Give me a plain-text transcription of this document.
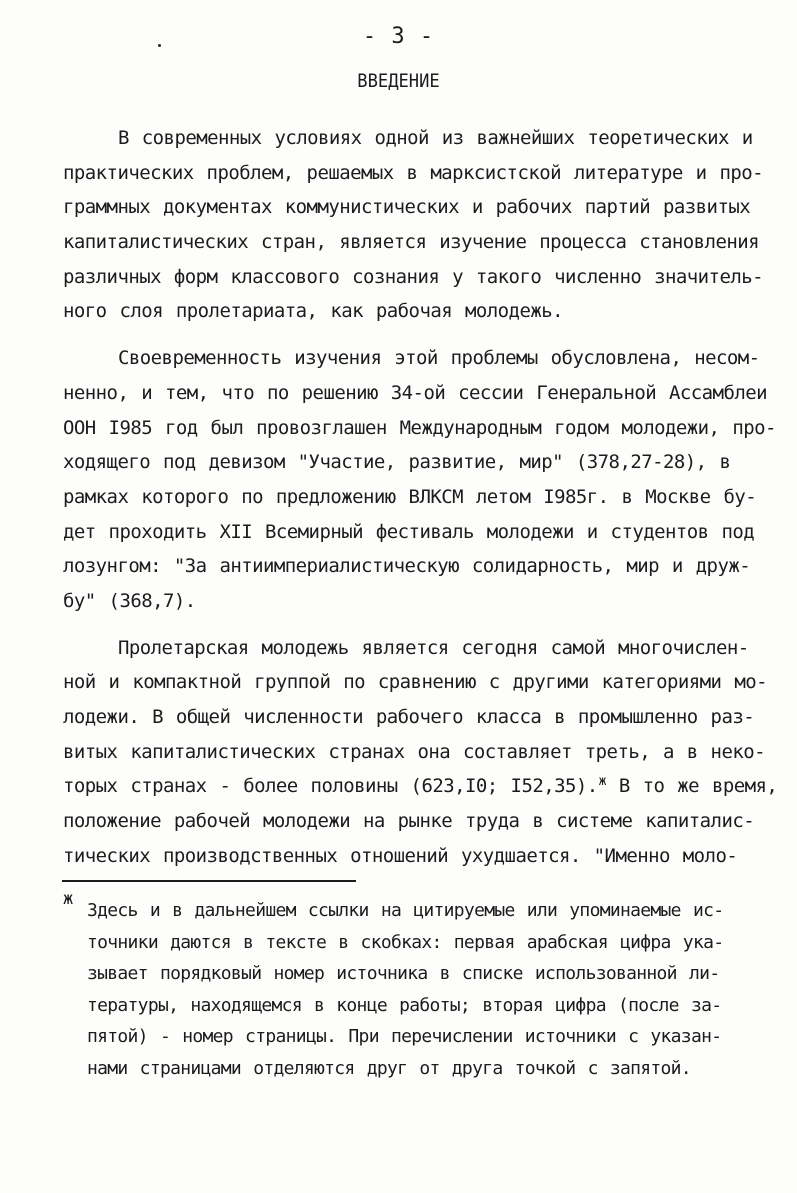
- 3 -
ВВЕДЕНИЕ
В современных условиях одной из важнейших теоретических и
практических проблем, решаемых в марксистской литературе и про-
граммных документах коммунистических и рабочих партий развитых
капиталистических стран, является изучение процесса становления
различных форм классового сознания у такого численно значитель-
ного слоя пролетариата, как рабочая молодежь.
Своевременность изучения этой проблемы обусловлена, несом-
ненно, и тем, что по решению 34-ой сессии Генеральной Ассамблеи
ООН I985 год был провозглашен Международным годом молодежи, про-
ходящего под девизом "Участие, развитие, мир" (378,27-28), в
рамках которого по предложению ВЛКСМ летом I985г. в Москве бу-
дет проходить XII Всемирный фестиваль молодежи и студентов под
лозунгом: "За антиимпериалистическую солидарность, мир и друж-
бу" (368,7).
Пролетарская молодежь является сегодня самой многочислен-
ной и компактной группой по сравнению с другими категориями мо-
лодежи. В общей численности рабочего класса в промышленно раз-
витых капиталистических странах она составляет треть, а в неко-
торых странах - более половины (623,I0; I52,35).$^ж$ В то же время,
положение рабочей молодежи на рынке труда в системе капиталис-
тических производственных отношений ухудшается. "Именно моло-
ж
Здесь и в дальнейшем ссылки на цитируемые или упоминаемые ис-
точники даются в тексте в скобках: первая арабская цифра ука-
зывает порядковый номер источника в списке использованной ли-
тературы, находящемся в конце работы; вторая цифра (после за-
пятой) - номер страницы. При перечислении источники с указан-
нами страницами отделяются друг от друга точкой с запятой.
